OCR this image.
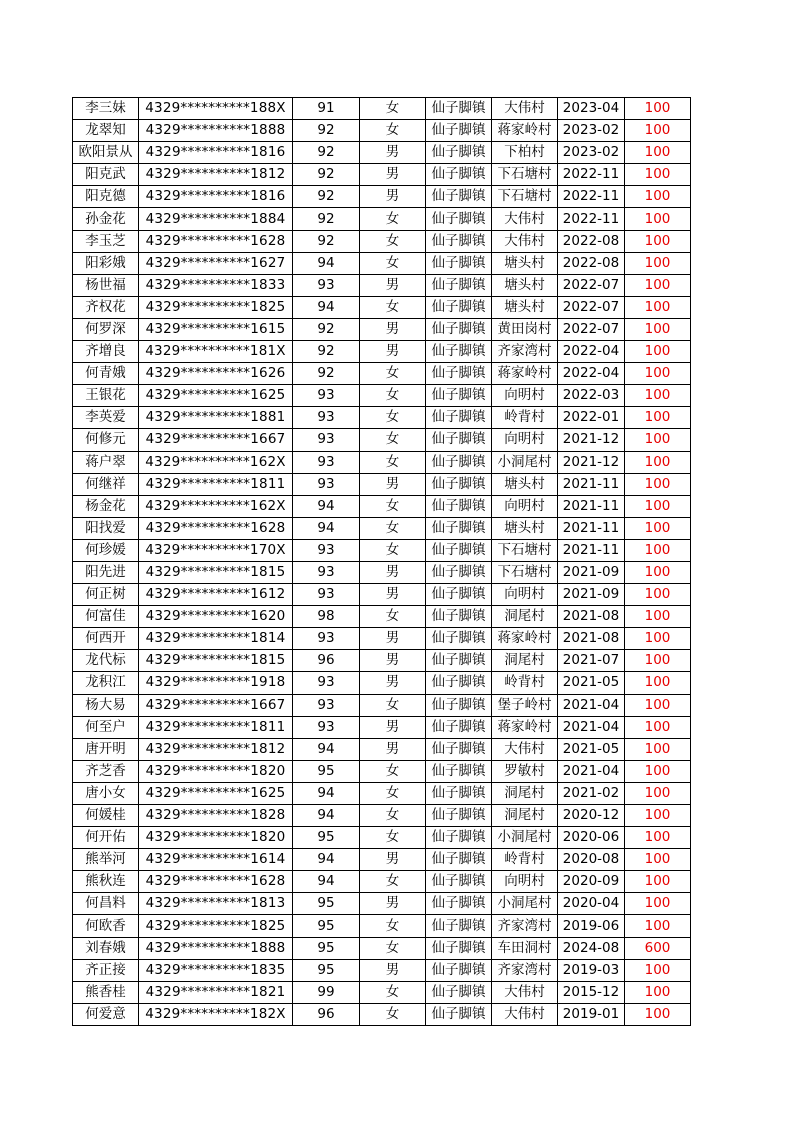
李三妹	4329**********188X	91	女	仙子脚镇	大伟村	2023-04	100
龙翠知	4329**********1888	92	女	仙子脚镇	蒋家岭村	2023-02	100
欧阳景从	4329**********1816	92	男	仙子脚镇	下柏村	2023-02	100
阳克武	4329**********1812	92	男	仙子脚镇	下石塘村	2022-11	100
阳克德	4329**********1816	92	男	仙子脚镇	下石塘村	2022-11	100
孙金花	4329**********1884	92	女	仙子脚镇	大伟村	2022-11	100
李玉芝	4329**********1628	92	女	仙子脚镇	大伟村	2022-08	100
阳彩娥	4329**********1627	94	女	仙子脚镇	塘头村	2022-08	100
杨世福	4329**********1833	93	男	仙子脚镇	塘头村	2022-07	100
齐权花	4329**********1825	94	女	仙子脚镇	塘头村	2022-07	100
何罗深	4329**********1615	92	男	仙子脚镇	黄田岗村	2022-07	100
齐增良	4329**********181X	92	男	仙子脚镇	齐家湾村	2022-04	100
何青娥	4329**********1626	92	女	仙子脚镇	蒋家岭村	2022-04	100
王银花	4329**********1625	93	女	仙子脚镇	向明村	2022-03	100
李英爱	4329**********1881	93	女	仙子脚镇	岭背村	2022-01	100
何修元	4329**********1667	93	女	仙子脚镇	向明村	2021-12	100
蒋户翠	4329**********162X	93	女	仙子脚镇	小洞尾村	2021-12	100
何继祥	4329**********1811	93	男	仙子脚镇	塘头村	2021-11	100
杨金花	4329**********162X	94	女	仙子脚镇	向明村	2021-11	100
阳找爱	4329**********1628	94	女	仙子脚镇	塘头村	2021-11	100
何珍媛	4329**********170X	93	女	仙子脚镇	下石塘村	2021-11	100
阳先进	4329**********1815	93	男	仙子脚镇	下石塘村	2021-09	100
何正树	4329**********1612	93	男	仙子脚镇	向明村	2021-09	100
何富佳	4329**********1620	98	女	仙子脚镇	洞尾村	2021-08	100
何西开	4329**********1814	93	男	仙子脚镇	蒋家岭村	2021-08	100
龙代标	4329**********1815	96	男	仙子脚镇	洞尾村	2021-07	100
龙积江	4329**********1918	93	男	仙子脚镇	岭背村	2021-05	100
杨大易	4329**********1667	93	女	仙子脚镇	堡子岭村	2021-04	100
何至户	4329**********1811	93	男	仙子脚镇	蒋家岭村	2021-04	100
唐开明	4329**********1812	94	男	仙子脚镇	大伟村	2021-05	100
齐芝香	4329**********1820	95	女	仙子脚镇	罗敏村	2021-04	100
唐小女	4329**********1625	94	女	仙子脚镇	洞尾村	2021-02	100
何媛桂	4329**********1828	94	女	仙子脚镇	洞尾村	2020-12	100
何开佑	4329**********1820	95	女	仙子脚镇	小洞尾村	2020-06	100
熊举河	4329**********1614	94	男	仙子脚镇	岭背村	2020-08	100
熊秋连	4329**********1628	94	女	仙子脚镇	向明村	2020-09	100
何昌料	4329**********1813	95	男	仙子脚镇	小洞尾村	2020-04	100
何欧香	4329**********1825	95	女	仙子脚镇	齐家湾村	2019-06	100
刘春娥	4329**********1888	95	女	仙子脚镇	车田洞村	2024-08	600
齐正接	4329**********1835	95	男	仙子脚镇	齐家湾村	2019-03	100
熊香桂	4329**********1821	99	女	仙子脚镇	大伟村	2015-12	100
何爱意	4329**********182X	96	女	仙子脚镇	大伟村	2019-01	100
